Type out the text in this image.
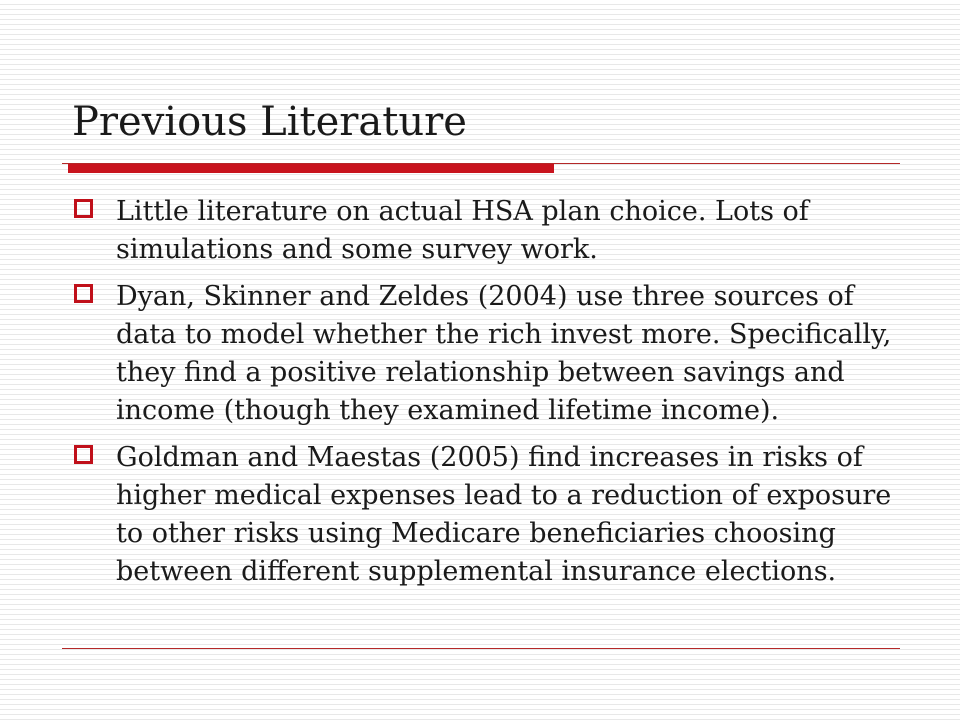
Previous Literature
Little literature on actual HSA plan choice. Lots of simulations and some survey work.
Dyan, Skinner and Zeldes (2004) use three sources of data to model whether the rich invest more. Specifically, they find a positive relationship between savings and income (though they examined lifetime income).
Goldman and Maestas (2005) find increases in risks of higher medical expenses lead to a reduction of exposure to other risks using Medicare beneficiaries choosing between different supplemental insurance elections.
